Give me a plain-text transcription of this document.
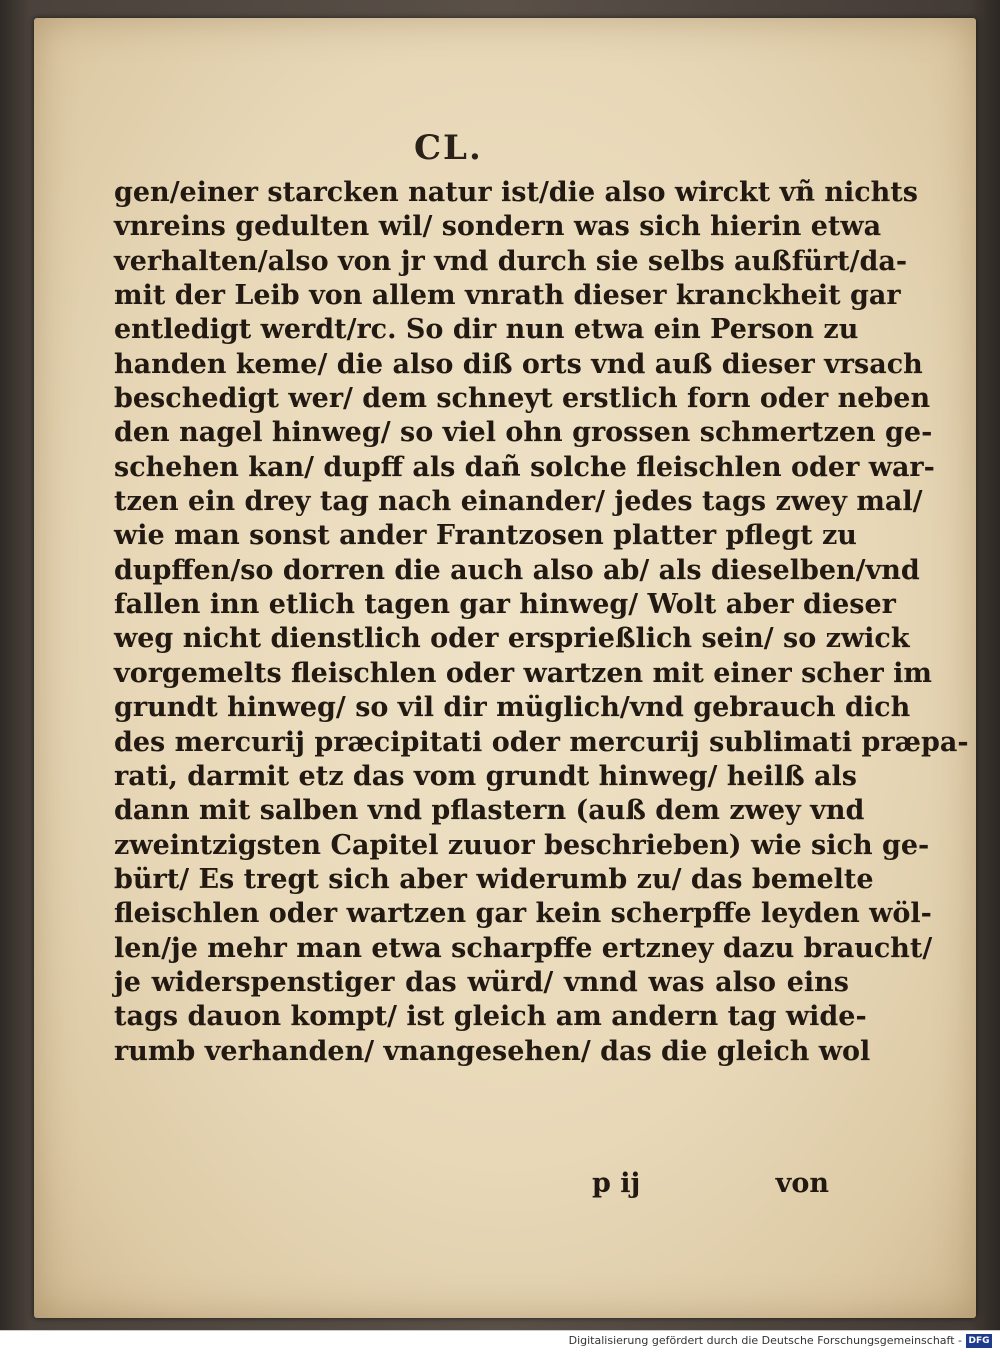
CL.
gen/einer starcken natur ist/die also wirckt vñ nichts
vnreins gedulten wil/ sondern was sich hierin etwa
verhalten/also von jr vnd durch sie selbs außfürt/da-
mit der Leib von allem vnrath dieser kranckheit gar
entledigt werdt/rc. So dir nun etwa ein Person zu
handen keme/ die also diß orts vnd auß dieser vrsach
beschedigt wer/ dem schneyt erstlich forn oder neben
den nagel hinweg/ so viel ohn grossen schmertzen ge-
schehen kan/ dupff als dañ solche fleischlen oder war-
tzen ein drey tag nach einander/ jedes tags zwey mal/
wie man sonst ander Frantzosen platter pflegt zu
dupffen/so dorren die auch also ab/ als dieselben/vnd
fallen inn etlich tagen gar hinweg/ Wolt aber dieser
weg nicht dienstlich oder ersprießlich sein/ so zwick
vorgemelts fleischlen oder wartzen mit einer scher im
grundt hinweg/ so vil dir müglich/vnd gebrauch dich
des mercurij præcipitati oder mercurij sublimati præpa-
rati, darmit etz das vom grundt hinweg/ heilß als
dann mit salben vnd pflastern (auß dem zwey vnd
zweintzigsten Capitel zuuor beschrieben) wie sich ge-
bürt/ Es tregt sich aber widerumb zu/ das bemelte
fleischlen oder wartzen gar kein scherpffe leyden wöl-
len/je mehr man etwa scharpffe ertzney dazu braucht/
je widerspenstiger das würd/ vnnd was also eins
tags dauon kompt/ ist gleich am andern tag wide-
rumb verhanden/ vnangesehen/ das die gleich wol
p ij	von
Digitalisierung gefördert durch die Deutsche Forschungsgemeinschaft - DFG
